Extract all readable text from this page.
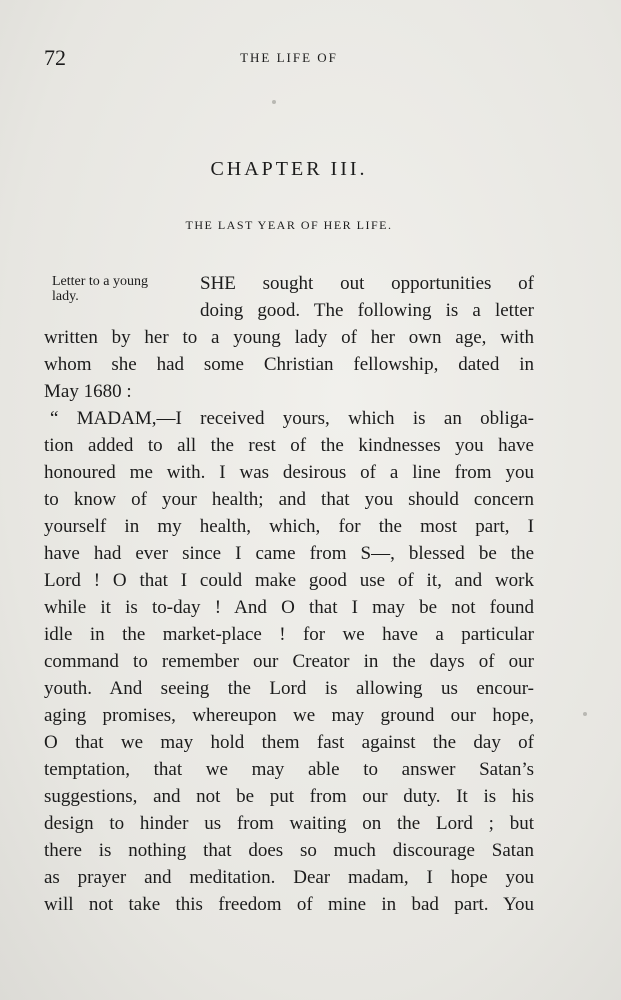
72	THE LIFE OF
CHAPTER III.
THE LAST YEAR OF HER LIFE.
Letter to a young
lady.
SHE sought out opportunities of
doing good. The following is a letter
written by her to a young lady of her own age, with
whom she had some Christian fellowship, dated in
May 1680 :
“ MADAM,—I received yours, which is an obliga-
tion added to all the rest of the kindnesses you have
honoured me with. I was desirous of a line from you
to know of your health; and that you should concern
yourself in my health, which, for the most part, I
have had ever since I came from S—, blessed be the
Lord ! O that I could make good use of it, and work
while it is to-day ! And O that I may be not found
idle in the market-place ! for we have a particular
command to remember our Creator in the days of our
youth. And seeing the Lord is allowing us encour-
aging promises, whereupon we may ground our hope,
O that we may hold them fast against the day of
temptation, that we may able to answer Satan’s
suggestions, and not be put from our duty. It is his
design to hinder us from waiting on the Lord ; but
there is nothing that does so much discourage Satan
as prayer and meditation. Dear madam, I hope you
will not take this freedom of mine in bad part. You
